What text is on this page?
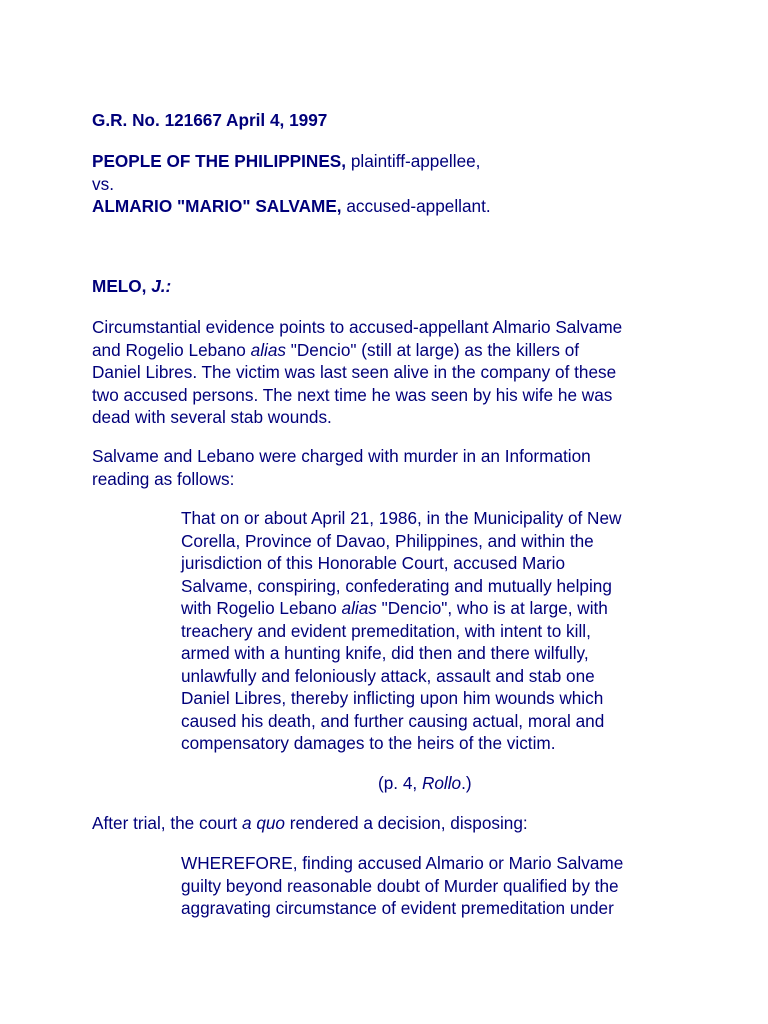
G.R. No. 121667 April 4, 1997
PEOPLE OF THE PHILIPPINES, plaintiff-appellee,
vs.
ALMARIO "MARIO" SALVAME, accused-appellant.
MELO, J.:
Circumstantial evidence points to accused-appellant Almario Salvame
and Rogelio Lebano alias "Dencio" (still at large) as the killers of
Daniel Libres. The victim was last seen alive in the company of these
two accused persons. The next time he was seen by his wife he was
dead with several stab wounds.
Salvame and Lebano were charged with murder in an Information
reading as follows:
That on or about April 21, 1986, in the Municipality of New
Corella, Province of Davao, Philippines, and within the
jurisdiction of this Honorable Court, accused Mario
Salvame, conspiring, confederating and mutually helping
with Rogelio Lebano alias "Dencio", who is at large, with
treachery and evident premeditation, with intent to kill,
armed with a hunting knife, did then and there wilfully,
unlawfully and feloniously attack, assault and stab one
Daniel Libres, thereby inflicting upon him wounds which
caused his death, and further causing actual, moral and
compensatory damages to the heirs of the victim.
(p. 4, Rollo.)
After trial, the court a quo rendered a decision, disposing:
WHEREFORE, finding accused Almario or Mario Salvame
guilty beyond reasonable doubt of Murder qualified by the
aggravating circumstance of evident premeditation under
